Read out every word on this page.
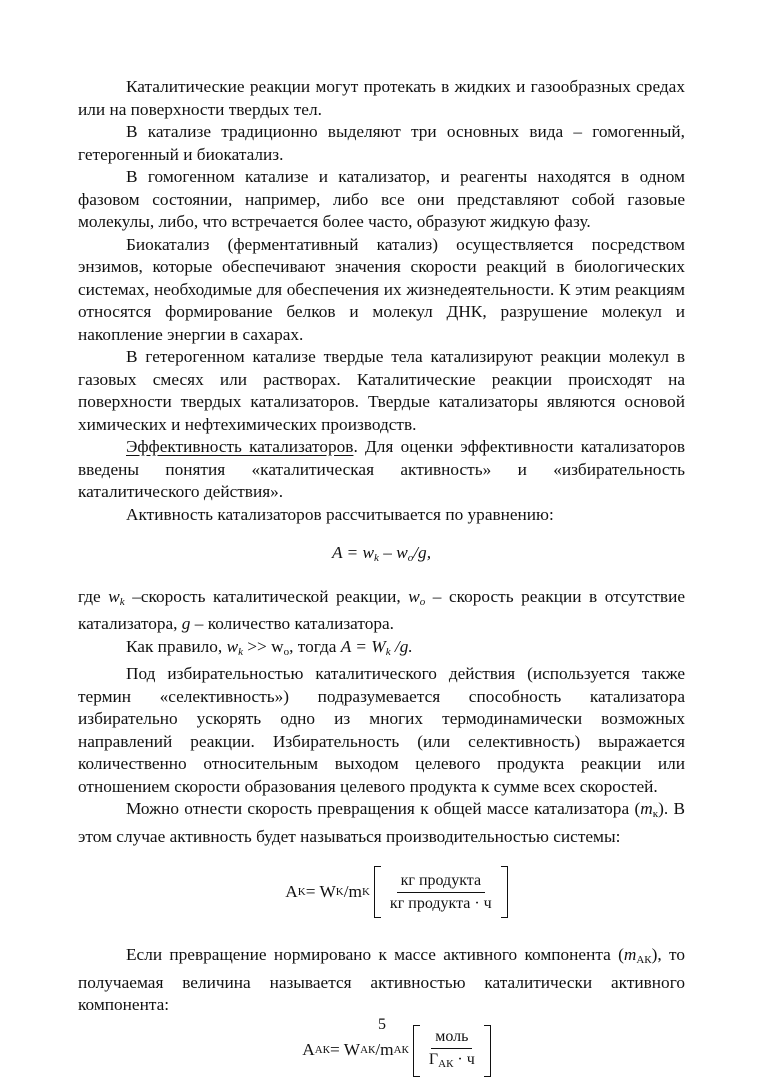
Каталитические реакции могут протекать в жидких и газообразных средах или на поверхности твердых тел.

В катализе традиционно выделяют три основных вида – гомогенный, гетерогенный и биокатализ.

В гомогенном катализе и катализатор, и реагенты находятся в одном фазовом состоянии, например, либо все они представляют собой газовые молекулы, либо, что встречается более часто, образуют жидкую фазу.

Биокатализ (ферментативный катализ) осуществляется посредством энзимов, которые обеспечивают значения скорости реакций в биологических системах, необходимые для обеспечения их жизнедеятельности. К этим реакциям относятся формирование белков и молекул ДНК, разрушение молекул и накопление энергии в сахарах.

В гетерогенном катализе твердые тела катализируют реакции молекул в газовых смесях или растворах. Каталитические реакции происходят на поверхности твердых катализаторов. Твердые катализаторы являются основой химических и нефтехимических производств.

Эффективность катализаторов. Для оценки эффективности катализаторов введены понятия «каталитическая активность» и «избирательность каталитического действия».

Активность катализаторов рассчитывается по уравнению:

$A = w_k - w_o/g$,

где $w_k$ –скорость каталитической реакции, $w_o$ – скорость реакции в отсутствие катализатора, g – количество катализатора.

Как правило, $w_k >> w_o$, тогда $A = W_k$ /g.

Под избирательностью каталитического действия (используется также термин «селективность») подразумевается способность катализатора избирательно ускорять одно из многих термодинамически возможных направлений реакции. Избирательность (или селективность) выражается количественно относительным выходом целевого продукта реакции или отношением скорости образования целевого продукта к сумме всех скоростей.

Можно отнести скорость превращения к общей массе катализатора $(m_к)$. В этом случае активность будет называться производительностью системы:

A K = W K /m K $\frac{\text{кг продукта}}{\text{кг продукта · ч}}$

Если превращение нормировано к массе активного компонента $(m_{АК})$, то получаемая величина называется активностью каталитически активного компонента:

A АК = W АК /m АК $\frac{\text{моль}}{Г_{АК} \cdot ч}$
5
